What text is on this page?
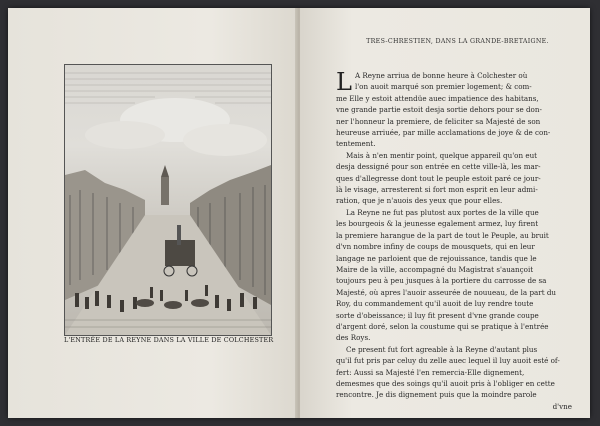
L'ENTRÉE DE LA REYNE DANS LA VILLE DE COLCHESTER
TRES-CHRESTIEN, DANS LA GRANDE-BRETAIGNE.

L A Reyne arriua de bonne heure à Colchester où
l'on auoit marqué son premier logement; & com-
me Elle y estoit attendüe auec impatience des habitans,
vne grande partie estoit desja sortie dehors pour se don-
ner l'honneur la premiere, de feliciter sa Majesté de son
heureuse arriuée, par mille acclamations de joye & de con-
tentement.

Mais à n'en mentir point, quelque appareil qu'on eut
desja dessigné pour son entrée en cette ville-là, les mar-
ques d'allegresse dont tout le peuple estoit paré ce jour-
là le visage, arresterent si fort mon esprit en leur admi-
ration, que je n'auois des yeux que pour elles.

La Reyne ne fut pas plutost aux portes de la ville que
les bourgeois & la jeunesse egalement armez, luy firent
la premiere harangue de la part de tout le Peuple, au bruit
d'vn nombre infiny de coups de mousquets, qui en leur
langage ne parloient que de rejouissance, tandis que le
Maire de la ville, accompagné du Magistrat s'auançoit
toujours peu à peu jusques à la portiere du carrosse de sa
Majesté, où apres l'auoir asseurée de nouueau, de la part du
Roy, du commandement qu'il auoit de luy rendre toute
sorte d'obeissance; il luy fit present d'vne grande coupe
d'argent doré, selon la coustume qui se pratique à l'entrée
des Roys.

Ce present fut fort agreable à la Reyne d'autant plus
qu'il fut pris par celuy du zelle auec lequel il luy auoit esté of-
fert: Aussi sa Majesté l'en remercia-Elle dignement,
demesmes que des soings qu'il auoit pris à l'obliger en cette
rencontre. Je dis dignement puis que la moindre parole

d'vne
